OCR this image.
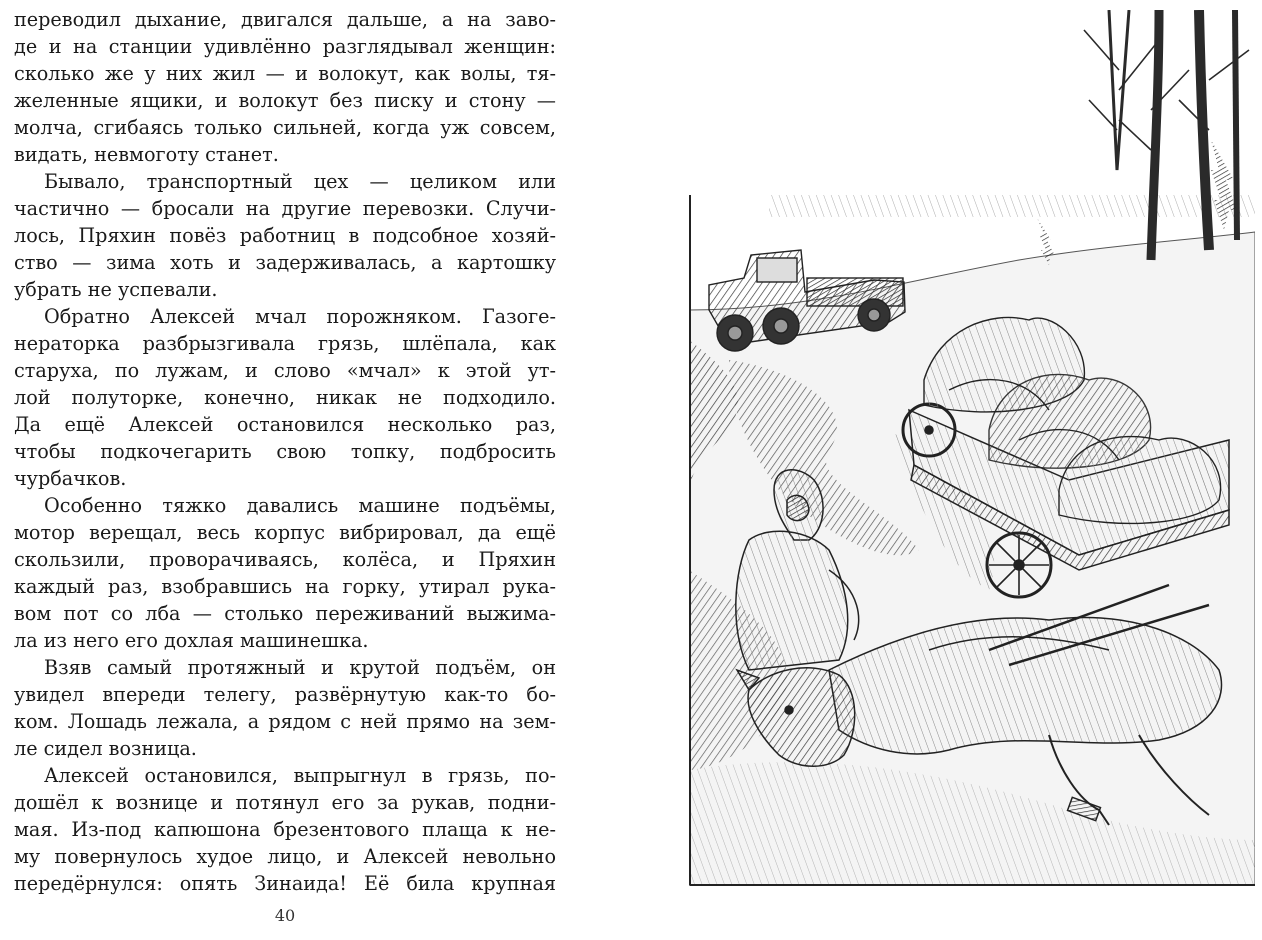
переводил дыхание, двигался дальше, а на заво-
де и на станции удивлённо разглядывал женщин:
сколько же у них жил — и волокут, как волы, тя-
желенные ящики, и волокут без писку и стону —
молча, сгибаясь только сильней, когда уж совсем,
видать, невмоготу станет.
Бывало, транспортный цех — целиком или
частично — бросали на другие перевозки. Случи-
лось, Пряхин повёз работниц в подсобное хозяй-
ство — зима хоть и задерживалась, а картошку
убрать не успевали.
Обратно Алексей мчал порожняком. Газоге-
нераторка разбрызгивала грязь, шлёпала, как
старуха, по лужам, и слово «мчал» к этой ут-
лой полуторке, конечно, никак не подходило.
Да ещё Алексей остановился несколько раз,
чтобы подкочегарить свою топку, подбросить
чурбачков.
Особенно тяжко давались машине подъёмы,
мотор верещал, весь корпус вибрировал, да ещё
скользили, проворачиваясь, колёса, и Пряхин
каждый раз, взобравшись на горку, утирал рука-
вом пот со лба — столько переживаний выжима-
ла из него его дохлая машинешка.
Взяв самый протяжный и крутой подъём, он
увидел впереди телегу, развёрнутую как-то бо-
ком. Лошадь лежала, а рядом с ней прямо на зем-
ле сидел возница.
Алексей остановился, выпрыгнул в грязь, по-
дошёл к вознице и потянул его за рукав, подни-
мая. Из-под капюшона брезентового плаща к не-
му повернулось худое лицо, и Алексей невольно
передёрнулся: опять Зинаида! Её била крупная
40
